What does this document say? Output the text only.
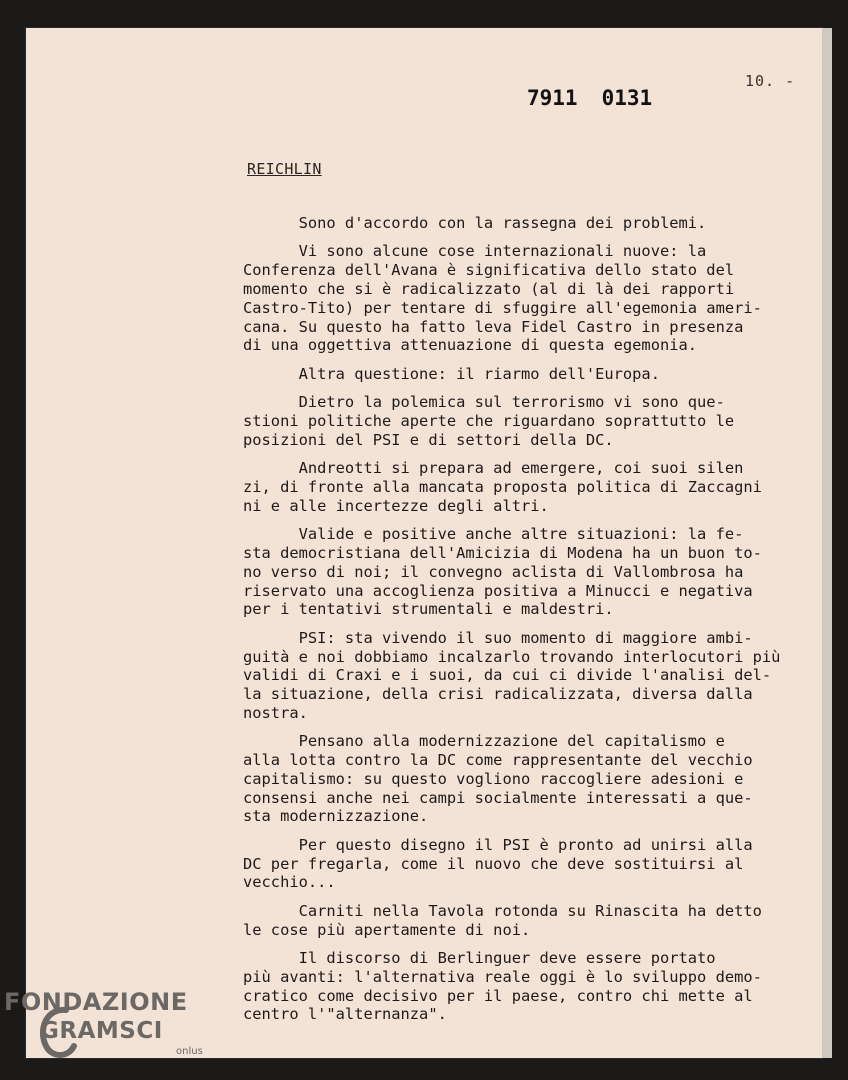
10. -
7911 0131
REICHLIN

Sono d'accordo con la rassegna dei problemi.

Vi sono alcune cose internazionali nuove: la
Conferenza dell'Avana è significativa dello stato del
momento che si è radicalizzato (al di là dei rapporti
Castro-Tito) per tentare di sfuggire all'egemonia ameri-
cana. Su questo ha fatto leva Fidel Castro in presenza
di una oggettiva attenuazione di questa egemonia.

Altra questione: il riarmo dell'Europa.

Dietro la polemica sul terrorismo vi sono que-
stioni politiche aperte che riguardano soprattutto le
posizioni del PSI e di settori della DC.

Andreotti si prepara ad emergere, coi suoi silen
zi, di fronte alla mancata proposta politica di Zaccagni
ni e alle incertezze degli altri.

Valide e positive anche altre situazioni: la fe-
sta democristiana dell'Amicizia di Modena ha un buon to-
no verso di noi; il convegno aclista di Vallombrosa ha
riservato una accoglienza positiva a Minucci e negativa
per i tentativi strumentali e maldestri.

PSI: sta vivendo il suo momento di maggiore ambi-
guità e noi dobbiamo incalzarlo trovando interlocutori più
validi di Craxi e i suoi, da cui ci divide l'analisi del-
la situazione, della crisi radicalizzata, diversa dalla
nostra.

Pensano alla modernizzazione del capitalismo e
alla lotta contro la DC come rappresentante del vecchio
capitalismo: su questo vogliono raccogliere adesioni e
consensi anche nei campi socialmente interessati a que-
sta modernizzazione.

Per questo disegno il PSI è pronto ad unirsi alla
DC per fregarla, come il nuovo che deve sostituirsi al
vecchio...

Carniti nella Tavola rotonda su Rinascita ha detto
le cose più apertamente di noi.

Il discorso di Berlinguer deve essere portato
più avanti: l'alternativa reale oggi è lo sviluppo demo-
cratico come decisivo per il paese, contro chi mette al
centro l'"alternanza".

FONDAZIONE
GRAMSCI
onlus
